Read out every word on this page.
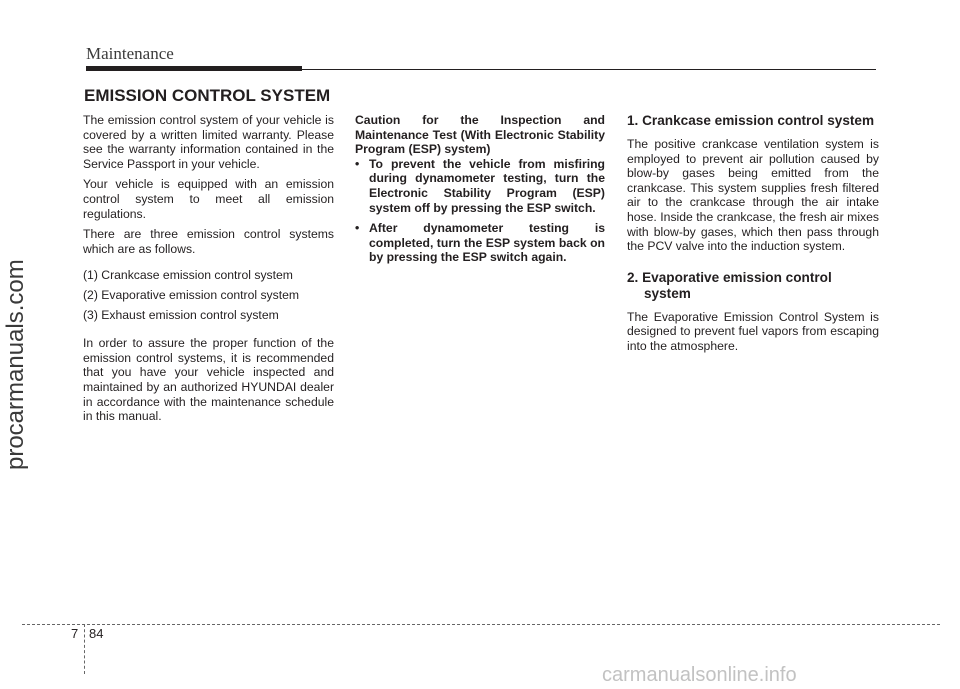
Maintenance
EMISSION CONTROL SYSTEM

The emission control system of your vehicle is covered by a written limited warranty. Please see the warranty information contained in the Service Passport in your vehicle.

Your vehicle is equipped with an emission control system to meet all emission regulations.

There are three emission control systems which are as follows.

(1) Crankcase emission control system
(2) Evaporative emission control system
(3) Exhaust emission control system

In order to assure the proper function of the emission control systems, it is recommended that you have your vehicle inspected and maintained by an authorized HYUNDAI dealer in accordance with the maintenance schedule in this manual.

Caution for the Inspection and Maintenance Test (With Electronic Stability Program (ESP) system)

• To prevent the vehicle from misfiring during dynamometer testing, turn the Electronic Stability Program (ESP) system off by pressing the ESP switch.
• After dynamometer testing is completed, turn the ESP system back on by pressing the ESP switch again.
1. Crankcase emission control system

The positive crankcase ventilation system is employed to prevent air pollution caused by blow-by gases being emitted from the crankcase. This system supplies fresh filtered air to the crankcase through the air intake hose. Inside the crankcase, the fresh air mixes with blow-by gases, which then pass through the PCV valve into the induction system.

2. Evaporative emission control system

The Evaporative Emission Control System is designed to prevent fuel vapors from escaping into the atmosphere.

procarmanuals.com
7 84
carmanualsonline.info
